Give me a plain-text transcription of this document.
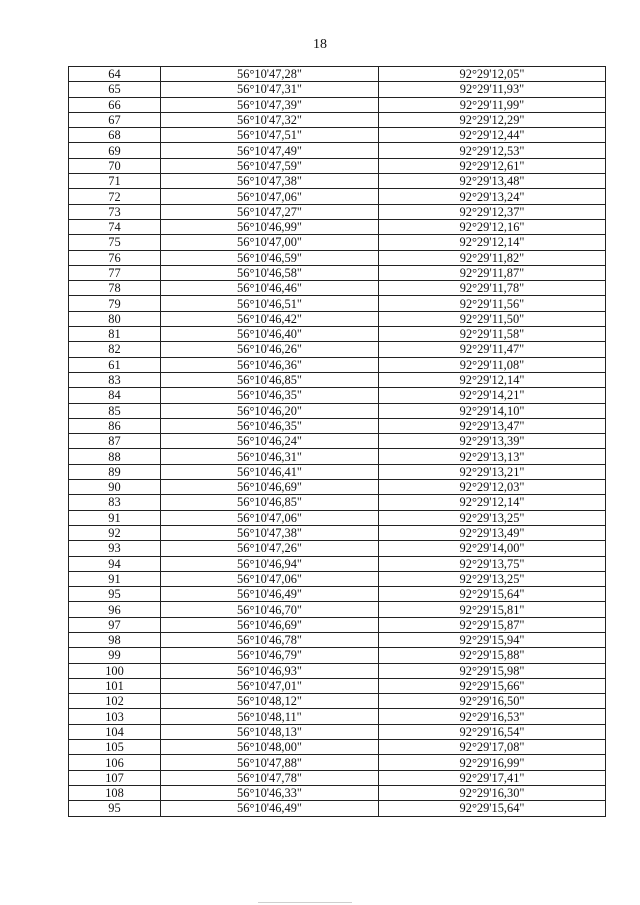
18
64	56°10'47,28"	92°29'12,05"
65	56°10'47,31"	92°29'11,93"
66	56°10'47,39"	92°29'11,99"
67	56°10'47,32"	92°29'12,29"
68	56°10'47,51"	92°29'12,44"
69	56°10'47,49"	92°29'12,53"
70	56°10'47,59"	92°29'12,61"
71	56°10'47,38"	92°29'13,48"
72	56°10'47,06"	92°29'13,24"
73	56°10'47,27"	92°29'12,37"
74	56°10'46,99"	92°29'12,16"
75	56°10'47,00"	92°29'12,14"
76	56°10'46,59"	92°29'11,82"
77	56°10'46,58"	92°29'11,87"
78	56°10'46,46"	92°29'11,78"
79	56°10'46,51"	92°29'11,56"
80	56°10'46,42"	92°29'11,50"
81	56°10'46,40"	92°29'11,58"
82	56°10'46,26"	92°29'11,47"
61	56°10'46,36"	92°29'11,08"
83	56°10'46,85"	92°29'12,14"
84	56°10'46,35"	92°29'14,21"
85	56°10'46,20"	92°29'14,10"
86	56°10'46,35"	92°29'13,47"
87	56°10'46,24"	92°29'13,39"
88	56°10'46,31"	92°29'13,13"
89	56°10'46,41"	92°29'13,21"
90	56°10'46,69"	92°29'12,03"
83	56°10'46,85"	92°29'12,14"
91	56°10'47,06"	92°29'13,25"
92	56°10'47,38"	92°29'13,49"
93	56°10'47,26"	92°29'14,00"
94	56°10'46,94"	92°29'13,75"
91	56°10'47,06"	92°29'13,25"
95	56°10'46,49"	92°29'15,64"
96	56°10'46,70"	92°29'15,81"
97	56°10'46,69"	92°29'15,87"
98	56°10'46,78"	92°29'15,94"
99	56°10'46,79"	92°29'15,88"
100	56°10'46,93"	92°29'15,98"
101	56°10'47,01"	92°29'15,66"
102	56°10'48,12"	92°29'16,50"
103	56°10'48,11"	92°29'16,53"
104	56°10'48,13"	92°29'16,54"
105	56°10'48,00"	92°29'17,08"
106	56°10'47,88"	92°29'16,99"
107	56°10'47,78"	92°29'17,41"
108	56°10'46,33"	92°29'16,30"
95	56°10'46,49"	92°29'15,64"
